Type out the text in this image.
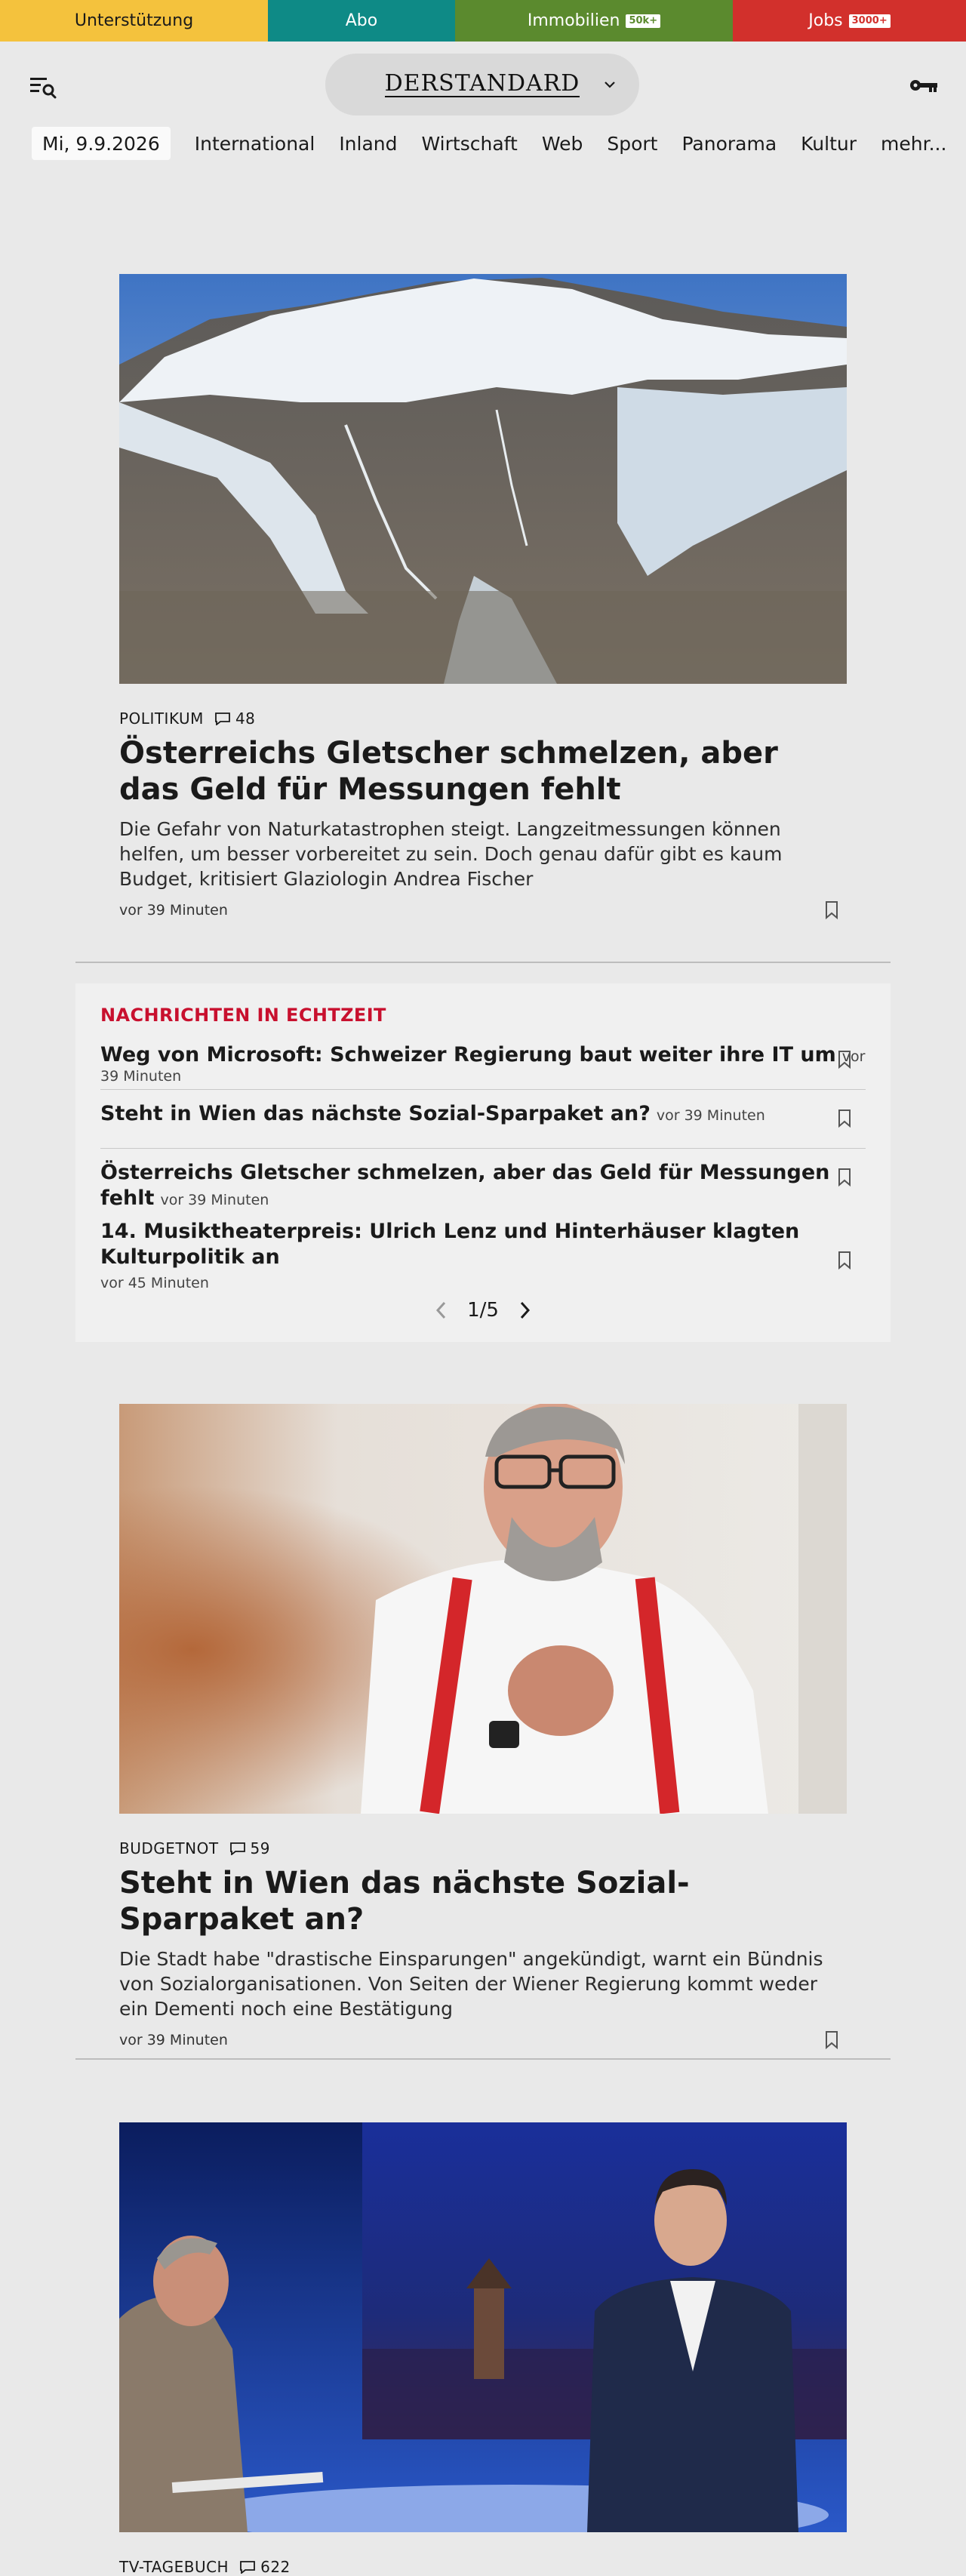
Unterstützung	Abo	Immobilien 50k+	Jobs 3000+
DERSTANDARD
Mi, 9.9.2026	International Inland Wirtschaft Web Sport Panorama Kultur mehr...
POLITIKUM 48
Österreichs Gletscher schmelzen, aber das Geld für Messungen fehlt
Die Gefahr von Naturkatastrophen steigt. Langzeitmessungen können helfen, um besser vorbereitet zu sein. Doch genau dafür gibt es kaum Budget, kritisiert Glaziologin Andrea Fischer
vor 39 Minuten
NACHRICHTEN IN ECHTZEIT
Weg von Microsoft: Schweizer Regierung baut weiter ihre IT um vor 39 Minuten
Steht in Wien das nächste Sozial-Sparpaket an? vor 39 Minuten
Österreichs Gletscher schmelzen, aber das Geld für Messungen fehlt vor 39 Minuten
14. Musiktheaterpreis: Ulrich Lenz und Hinterhäuser klagten Kulturpolitik an
vor 45 Minuten
1/5
BUDGETNOT 59
Steht in Wien das nächste Sozial-Sparpaket an?
Die Stadt habe "drastische Einsparungen" angekündigt, warnt ein Bündnis von Sozialorganisationen. Von Seiten der Wiener Regierung kommt weder ein Dementi noch eine Bestätigung
vor 39 Minuten
TV-TAGEBUCH 622
